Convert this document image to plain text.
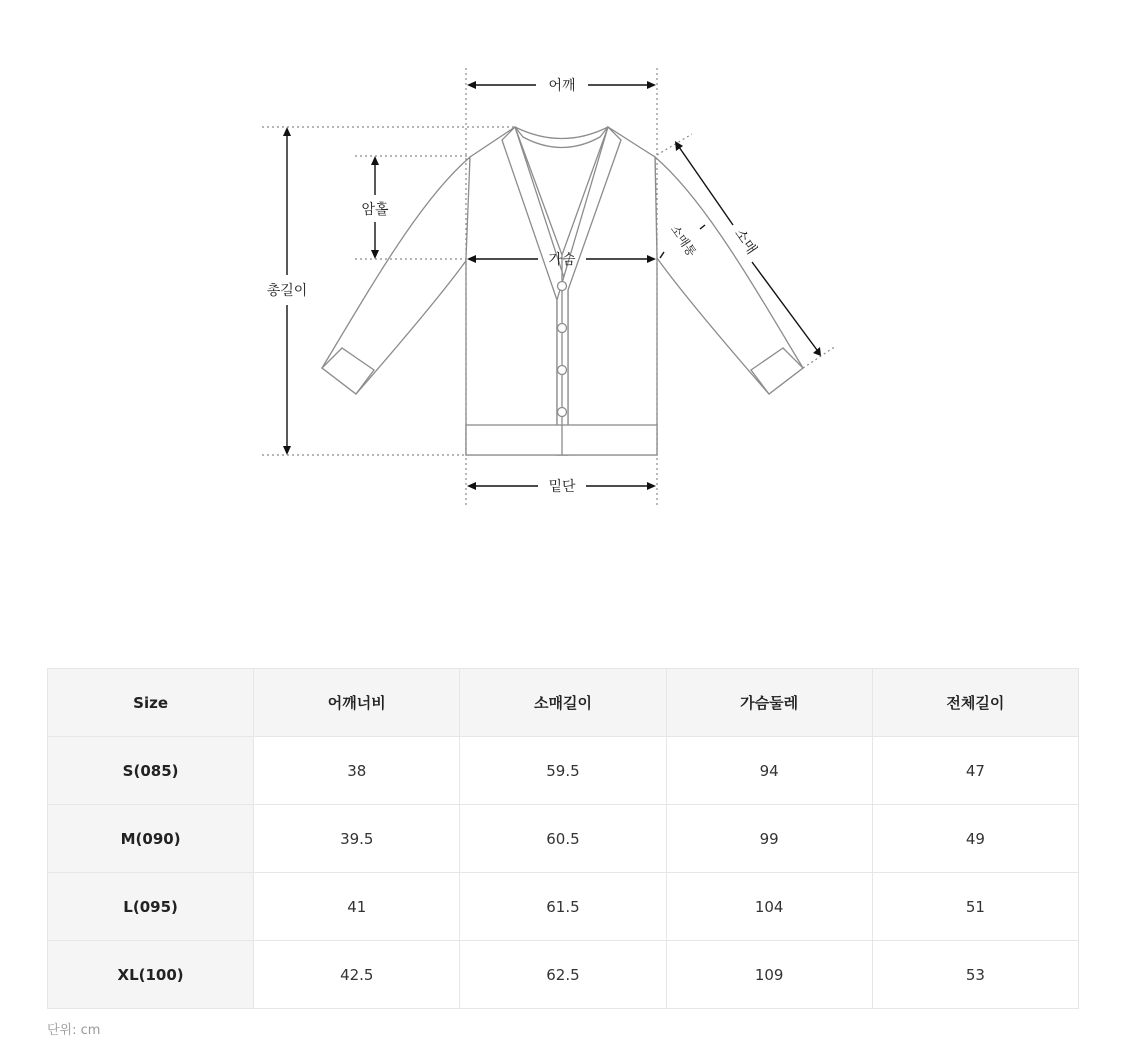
어깨
총길이
암홀
가슴
소매통 소매
밑단
Size	어깨너비	소매길이	가슴둘레	전체길이
S(085)	38	59.5	94	47
M(090)	39.5	60.5	99	49
L(095)	41	61.5	104	51
XL(100)	42.5	62.5	109	53
단위: cm
